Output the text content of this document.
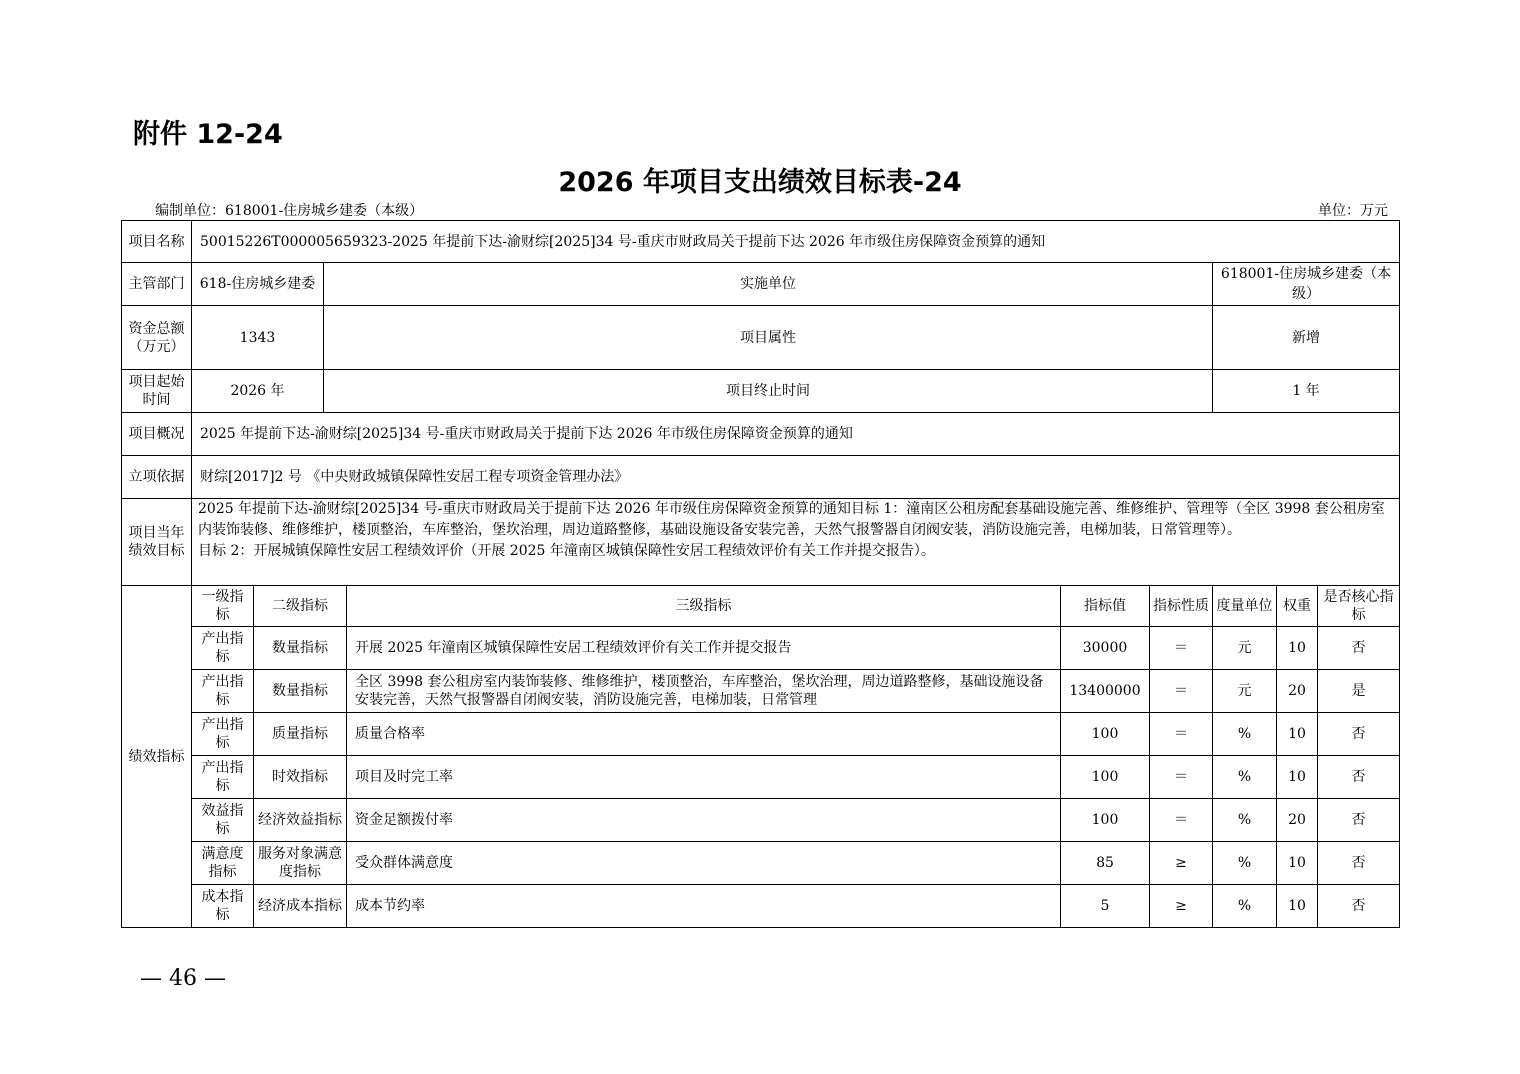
附件 12-24
2026 年项目支出绩效目标表-24
编制单位：618001-住房城乡建委（本级）	单位：万元
项目名称	50015226T000005659323-2025 年提前下达-渝财综[2025]34 号-重庆市财政局关于提前下达 2026 年市级住房保障资金预算的通知								
主管部门	618-住房城乡建委		实施单位				618001-住房城乡建委（本级）		
资金总额（万元）	1343		项目属性				新增		
项目起始时间	2026 年		项目终止时间				1 年		
项目概况	2025 年提前下达-渝财综[2025]34 号-重庆市财政局关于提前下达 2026 年市级住房保障资金预算的通知								
立项依据	财综[2017]2 号 《中央财政城镇保障性安居工程专项资金管理办法》								
项目当年绩效目标	2025 年提前下达-渝财综[2025]34 号-重庆市财政局关于提前下达 2026 年市级住房保障资金预算的通知目标 1：潼南区公租房配套基础设施完善、维修维护、管理等（全区 3998 套公租房室内装饰装修、维修维护，楼顶整治，车库整治，堡坎治理，周边道路整修，基础设施设备安装完善，天然气报警器自闭阀安装，消防设施完善，电梯加装，日常管理等）。
目标 2：开展城镇保障性安居工程绩效评价（开展 2025 年潼南区城镇保障性安居工程绩效评价有关工作并提交报告）。								

绩效指标	一级指标	二级指标		三级指标	指标值	指标性质	度量单位	权重	是否核心指标
	产出指标	数量指标		开展 2025 年潼南区城镇保障性安居工程绩效评价有关工作并提交报告	30000	＝	元	10	否
	产出指标	数量指标		全区 3998 套公租房室内装饰装修、维修维护，楼顶整治，车库整治，堡坎治理，周边道路整修，基础设施设备安装完善，天然气报警器自闭阀安装，消防设施完善，电梯加装，日常管理	13400000	＝	元	20	是
	产出指标	质量指标		质量合格率	100	＝	%	10	否
	产出指标	时效指标		项目及时完工率	100	＝	%	10	否
	效益指标	经济效益指标		资金足额拨付率	100	＝	%	20	否
	满意度指标	服务对象满意度指标		受众群体满意度	85	≥	%	10	否
	成本指标	经济成本指标		成本节约率	5	≥	%	10	否
— 46 —
